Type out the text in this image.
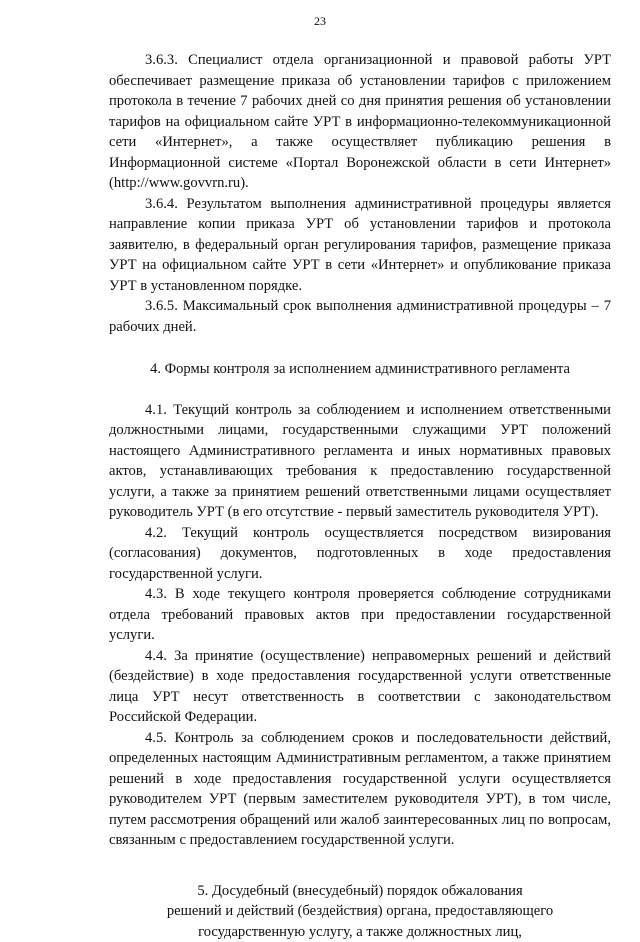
23

3.6.3. Специалист отдела организационной и правовой работы УРТ обеспечивает размещение приказа об установлении тарифов с приложением протокола в течение 7 рабочих дней со дня принятия решения об установлении тарифов на официальном сайте УРТ в информационно-телекоммуникационной сети «Интернет», а также осуществляет публикацию решения в Информационной системе «Портал Воронежской области в сети Интернет» (http://www.govvrn.ru).

3.6.4. Результатом выполнения административной процедуры является направление копии приказа УРТ об установлении тарифов и протокола заявителю, в федеральный орган регулирования тарифов, размещение приказа УРТ на официальном сайте УРТ в сети «Интернет» и опубликование приказа УРТ в установленном порядке.

3.6.5. Максимальный срок выполнения административной процедуры – 7 рабочих дней.

4. Формы контроля за исполнением административного регламента

4.1. Текущий контроль за соблюдением и исполнением ответственными должностными лицами, государственными служащими УРТ положений настоящего Административного регламента и иных нормативных правовых актов, устанавливающих требования к предоставлению государственной услуги, а также за принятием решений ответственными лицами осуществляет руководитель УРТ (в его отсутствие - первый заместитель руководителя УРТ).

4.2. Текущий контроль осуществляется посредством визирования (согласования) документов, подготовленных в ходе предоставления государственной услуги.

4.3. В ходе текущего контроля проверяется соблюдение сотрудниками отдела требований правовых актов при предоставлении государственной услуги.

4.4. За принятие (осуществление) неправомерных решений и действий (бездействие) в ходе предоставления государственной услуги ответственные лица УРТ несут ответственность в соответствии с законодательством Российской Федерации.

4.5. Контроль за соблюдением сроков и последовательности действий, определенных настоящим Административным регламентом, а также принятием решений в ходе предоставления государственной услуги осуществляется руководителем УРТ (первым заместителем руководителя УРТ), в том числе, путем рассмотрения обращений или жалоб заинтересованных лиц по вопросам, связанным с предоставлением государственной услуги.

5. Досудебный (внесудебный) порядок обжалования
решений и действий (бездействия) органа, предоставляющего
государственную услугу, а также должностных лиц,
